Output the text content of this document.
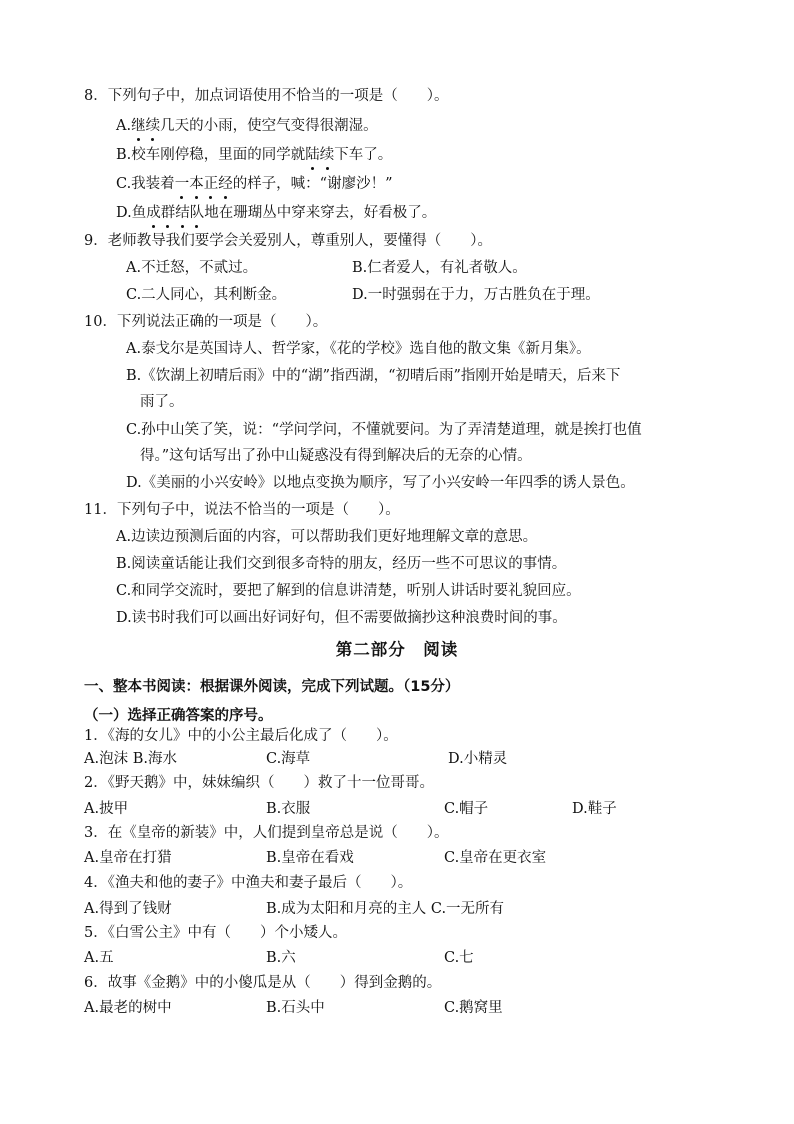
8．下列句子中，加点词语使用不恰当的一项是（　　）。
A.继续几天的小雨，使空气变得很潮湿。
B.校车刚停稳，里面的同学就陆续下车了。
C.我装着一本正经的样子，喊：“谢廖沙！”
D.鱼成群结队地在珊瑚丛中穿来穿去，好看极了。
9．老师教导我们要学会关爱别人，尊重别人，要懂得（　　）。
A.不迁怒，不贰过。	B.仁者爱人，有礼者敬人。
C.二人同心，其利断金。	D.一时强弱在于力，万古胜负在于理。
10．下列说法正确的一项是（　　）。
A.泰戈尔是英国诗人、哲学家，《花的学校》选自他的散文集《新月集》。
B.《饮湖上初晴后雨》中的“湖”指西湖，“初晴后雨”指刚开始是晴天，后来下
雨了。
C.孙中山笑了笑，说：“学问学问，不懂就要问。为了弄清楚道理，就是挨打也值
得。”这句话写出了孙中山疑惑没有得到解决后的无奈的心情。
D.《美丽的小兴安岭》以地点变换为顺序，写了小兴安岭一年四季的诱人景色。
11．下列句子中，说法不恰当的一项是（　　）。
A.边读边预测后面的内容，可以帮助我们更好地理解文章的意思。
B.阅读童话能让我们交到很多奇特的朋友，经历一些不可思议的事情。
C.和同学交流时，要把了解到的信息讲清楚，听别人讲话时要礼貌回应。
D.读书时我们可以画出好词好句，但不需要做摘抄这种浪费时间的事。
第二部分　阅读
一、整本书阅读：根据课外阅读，完成下列试题。（15分）
（一）选择正确答案的序号。
1．《海的女儿》中的小公主最后化成了（　　）。
A.泡沫 B.海水	C.海草	D.小精灵
2．《野天鹅》中，妹妹编织（　　）救了十一位哥哥。
A.披甲	B.衣服	C.帽子	D.鞋子
3．在《皇帝的新装》中，人们提到皇帝总是说（　　）。
A.皇帝在打猎	B.皇帝在看戏	C.皇帝在更衣室
4．《渔夫和他的妻子》中渔夫和妻子最后（　　）。
A.得到了钱财	B.成为太阳和月亮的主人 C.一无所有
5．《白雪公主》中有（　　）个小矮人。
A.五	B.六	C.七
6．故事《金鹅》中的小傻瓜是从（　　）得到金鹅的。
A.最老的树中	B.石头中	C.鹅窝里
